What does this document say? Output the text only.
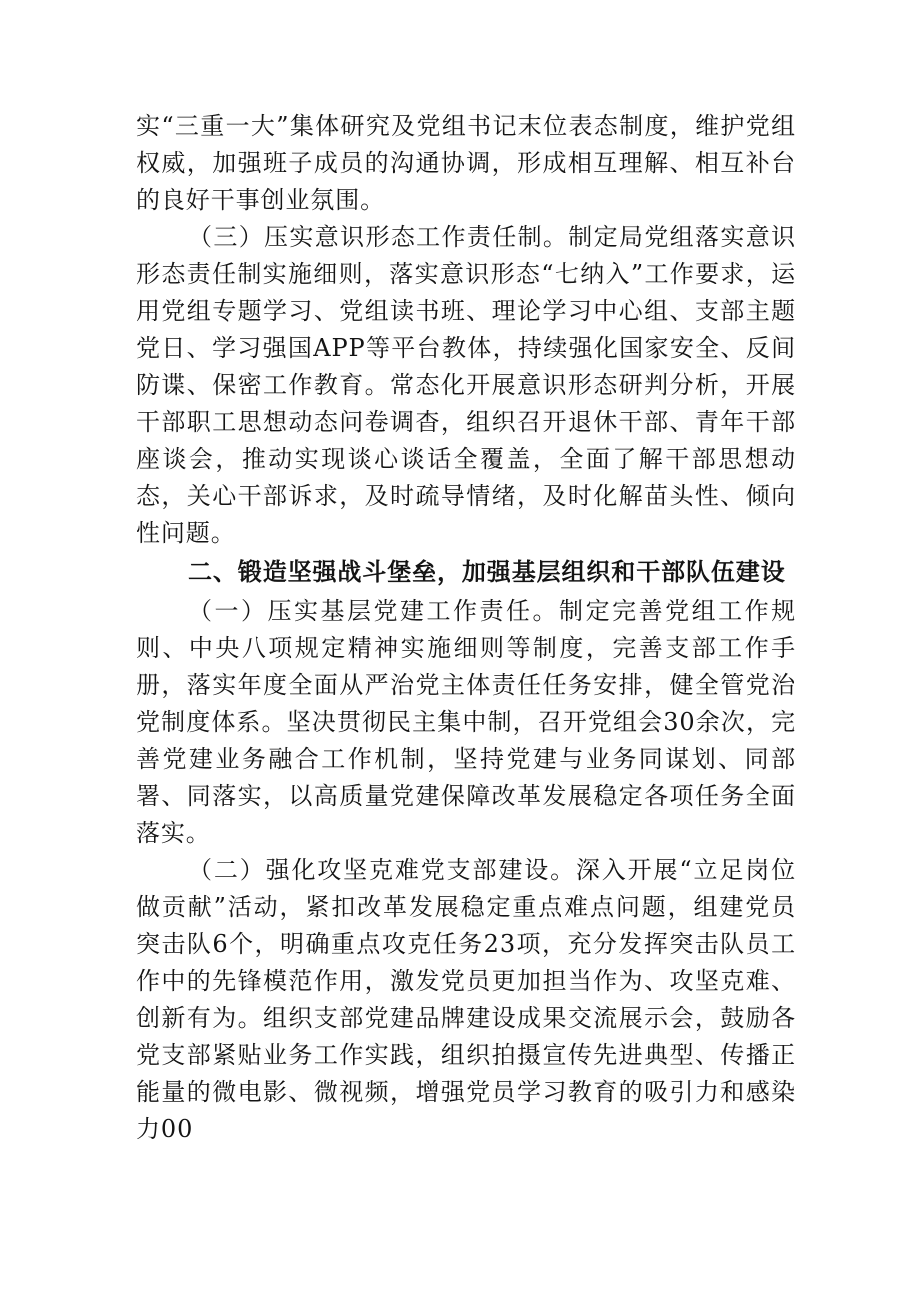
实“三重一大”集体研究及党组书记末位表态制度，维护党组权威，加强班子成员的沟通协调，形成相互理解、相互补台的良好干事创业氛围。

（三）压实意识形态工作责任制。制定局党组落实意识形态责任制实施细则，落实意识形态“七纳入”工作要求，运用党组专题学习、党组读书班、理论学习中心组、支部主题党日、学习强国APP等平台教体，持续强化国家安全、反间防谍、保密工作教育。常态化开展意识形态研判分析，开展干部职工思想动态问卷调杳，组织召开退休干部、青年干部座谈会，推动实现谈心谈话全覆盖，全面了解干部思想动态，关心干部诉求，及时疏导情绪，及时化解苗头性、倾向性问题。

二、锻造坚强战斗堡垒，加强基层组织和干部队伍建设

（一）压实基层党建工作责任。制定完善党组工作规则、中央八项规定精神实施细则等制度，完善支部工作手册，落实年度全面从严治党主体责任任务安排，健全管党治党制度体系。坚决贯彻民主集中制，召开党组会30余次，完善党建业务融合工作机制，坚持党建与业务同谋划、同部署、同落实，以高质量党建保障改革发展稳定各项任务全面落实。

（二）强化攻坚克难党支部建设。深入开展“立足岗位做贡献”活动，紧扣改革发展稳定重点难点问题，组建党员突击队6个，明确重点攻克任务23项，充分发挥突击队员工作中的先锋模范作用，激发党员更加担当作为、攻坚克难、创新有为。组织支部党建品牌建设成果交流展示会，鼓励各党支部紧贴业务工作实践，组织拍摄宣传先进典型、传播正能量的微电影、微视频，增强党员学习教育的吸引力和感染力00
